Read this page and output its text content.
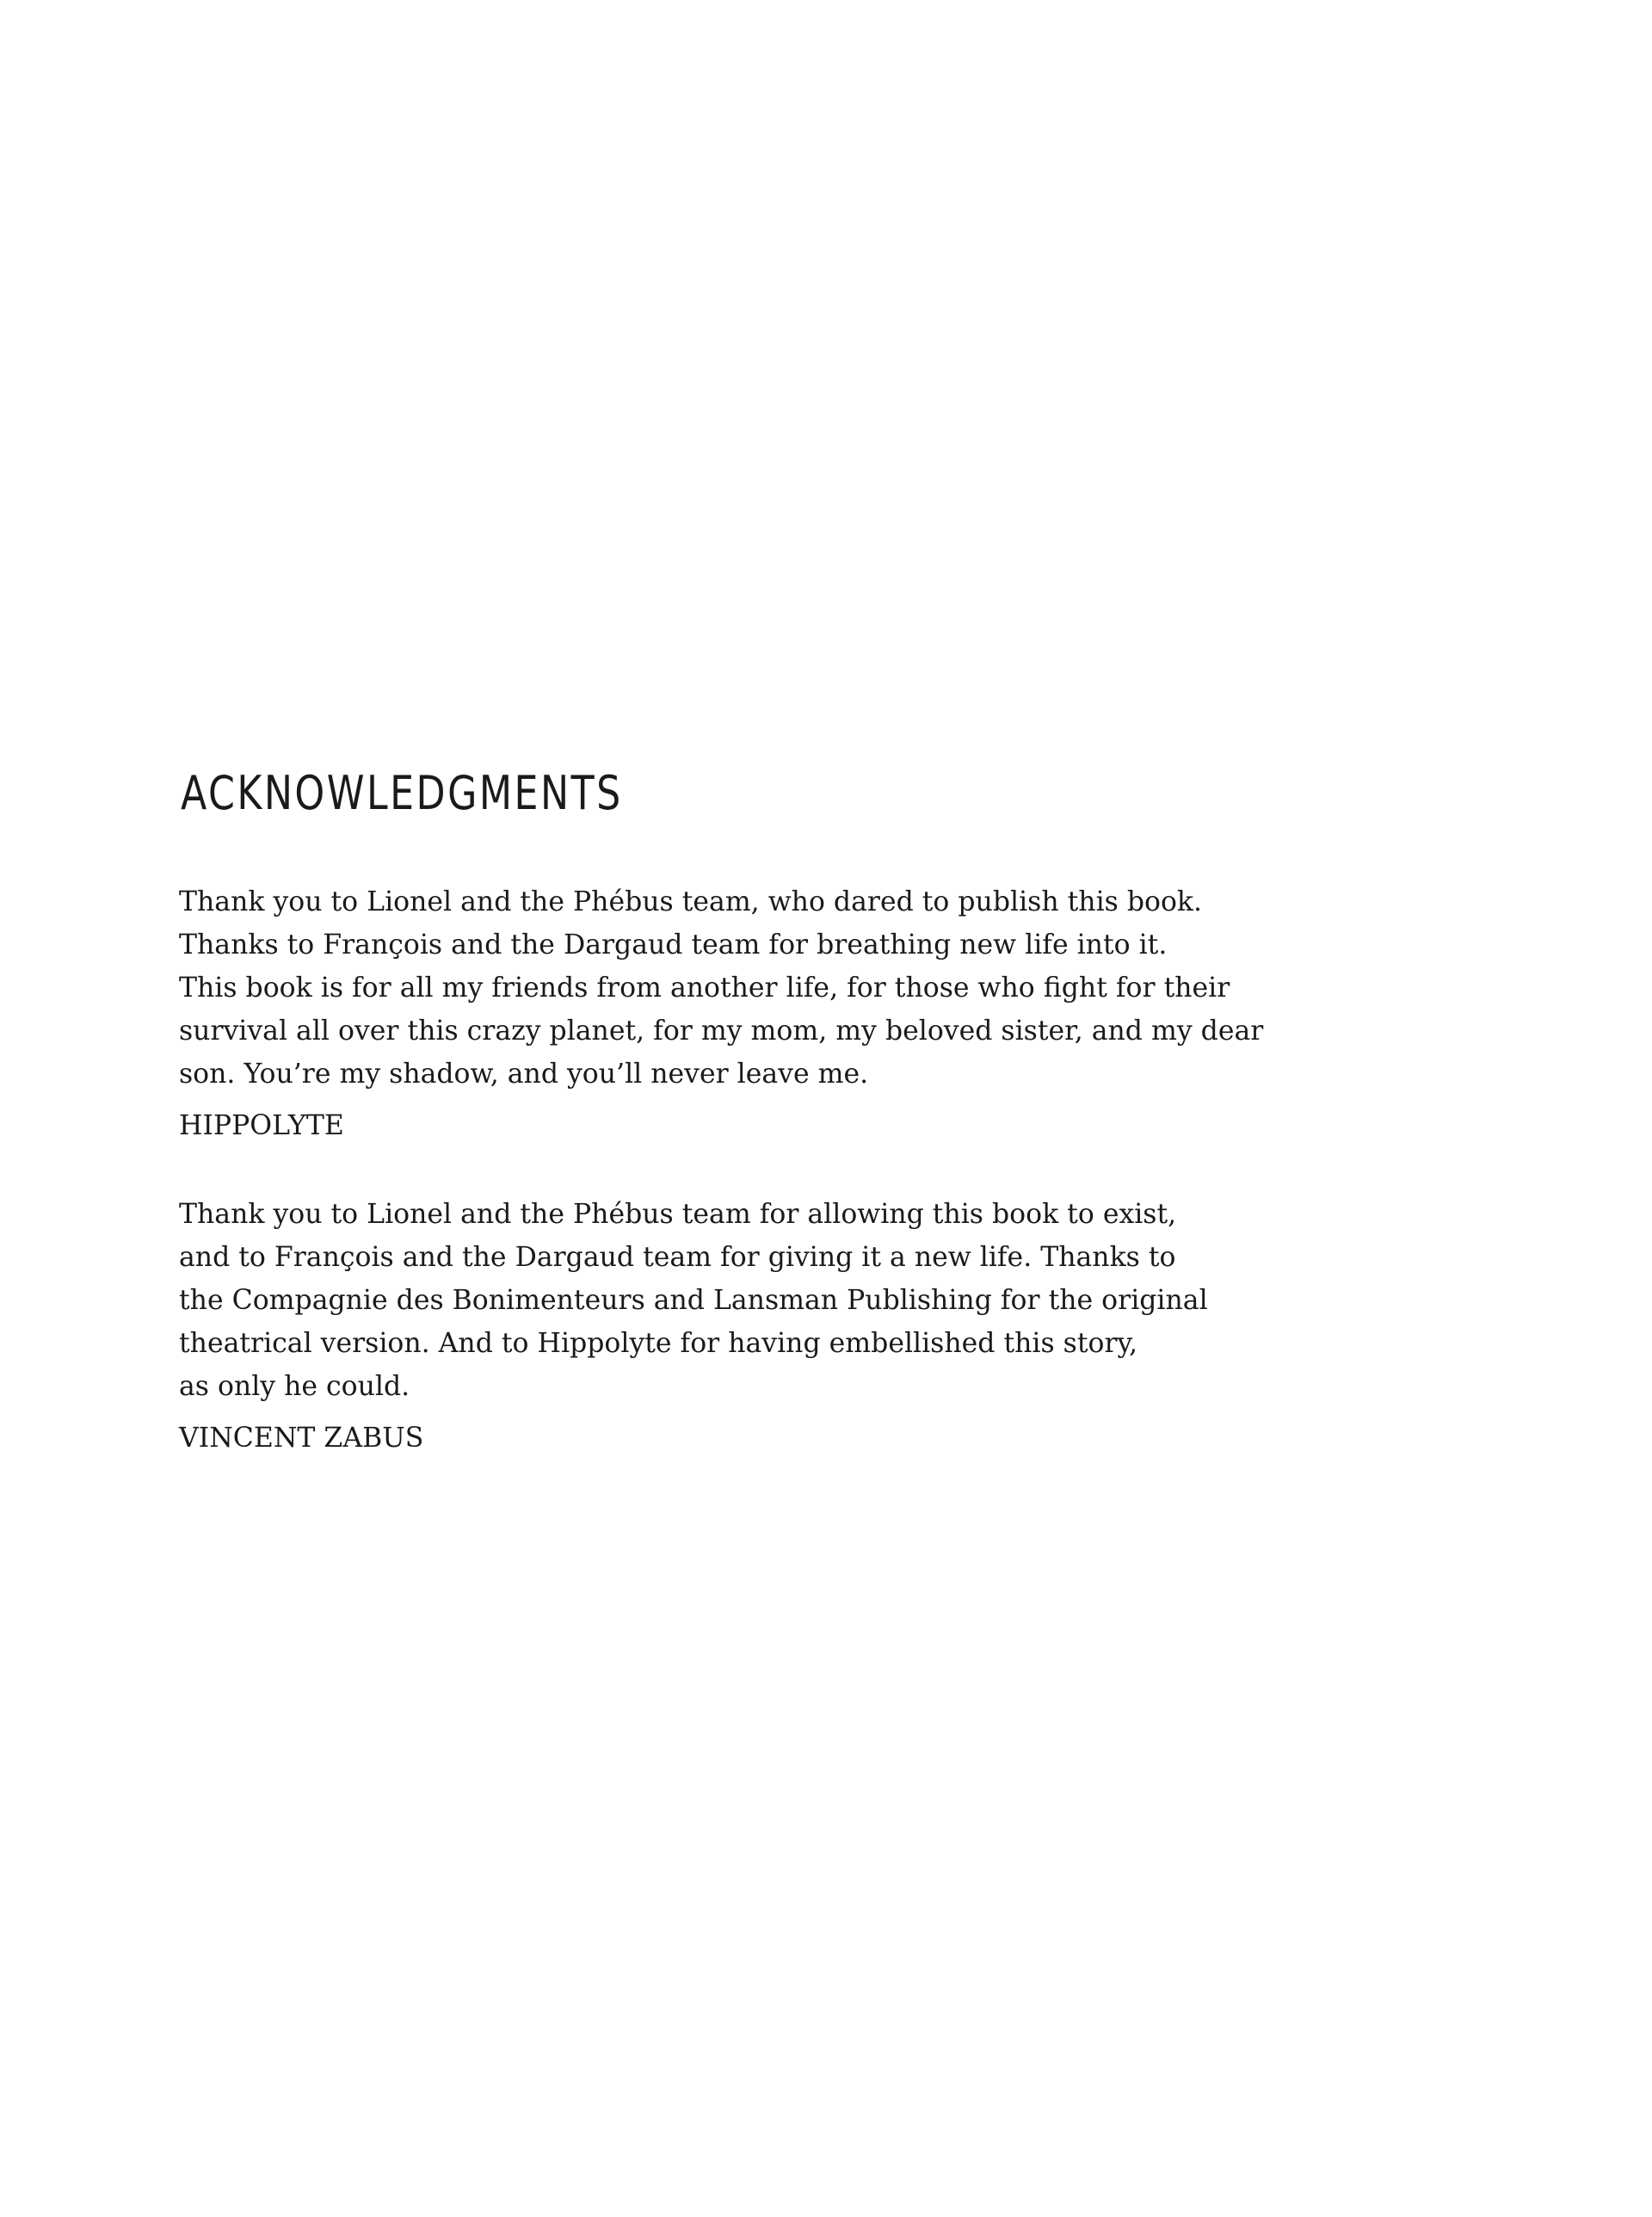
ACKNOWLEDGMENTS

Thank you to Lionel and the Phébus team, who dared to publish this book.
Thanks to François and the Dargaud team for breathing new life into it.
This book is for all my friends from another life, for those who fight for their
survival all over this crazy planet, for my mom, my beloved sister, and my dear
son. You’re my shadow, and you’ll never leave me.

HIPPOLYTE

Thank you to Lionel and the Phébus team for allowing this book to exist,
and to François and the Dargaud team for giving it a new life. Thanks to
the Compagnie des Bonimenteurs and Lansman Publishing for the original
theatrical version. And to Hippolyte for having embellished this story,
as only he could.

VINCENT ZABUS
